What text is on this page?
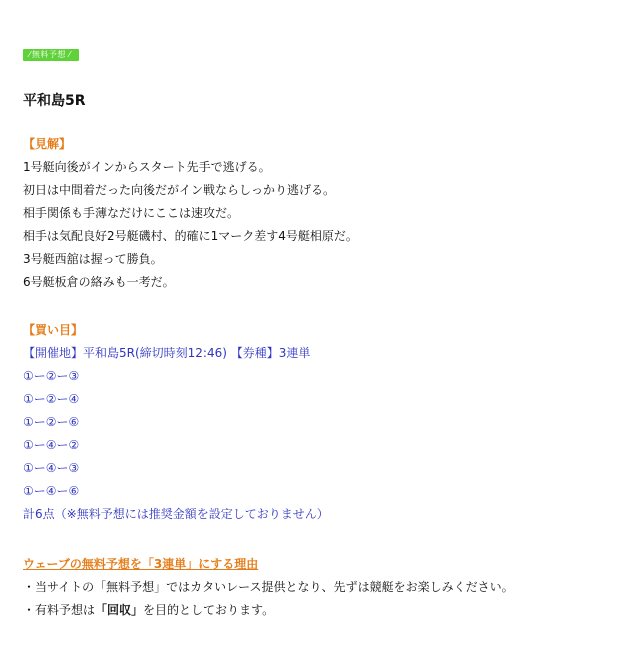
⁄無料予想 ⁄
平和島5R
【見解】
1号艇向後がインからスタート先手で逃げる。
初日は中間着だった向後だがイン戦ならしっかり逃げる。
相手関係も手薄なだけにここは速攻だ。
相手は気配良好2号艇磯村、的確に1マーク差す4号艇相原だ。
3号艇西舘は握って勝負。
6号艇板倉の絡みも一考だ。
【買い目】
【開催地】平和島5R(締切時刻12:46) 【券種】3連単
①ー②ー③
①ー②ー④
①ー②ー⑥
①ー④ー②
①ー④ー③
①ー④ー⑥
計6点（※無料予想には推奨金額を設定しておりません）
ウェーブの無料予想を「3連単」にする理由
・当サイトの「無料予想」ではカタいレース提供となり、先ずは競艇をお楽しみください。
・有料予想は「回収」を目的としております。
